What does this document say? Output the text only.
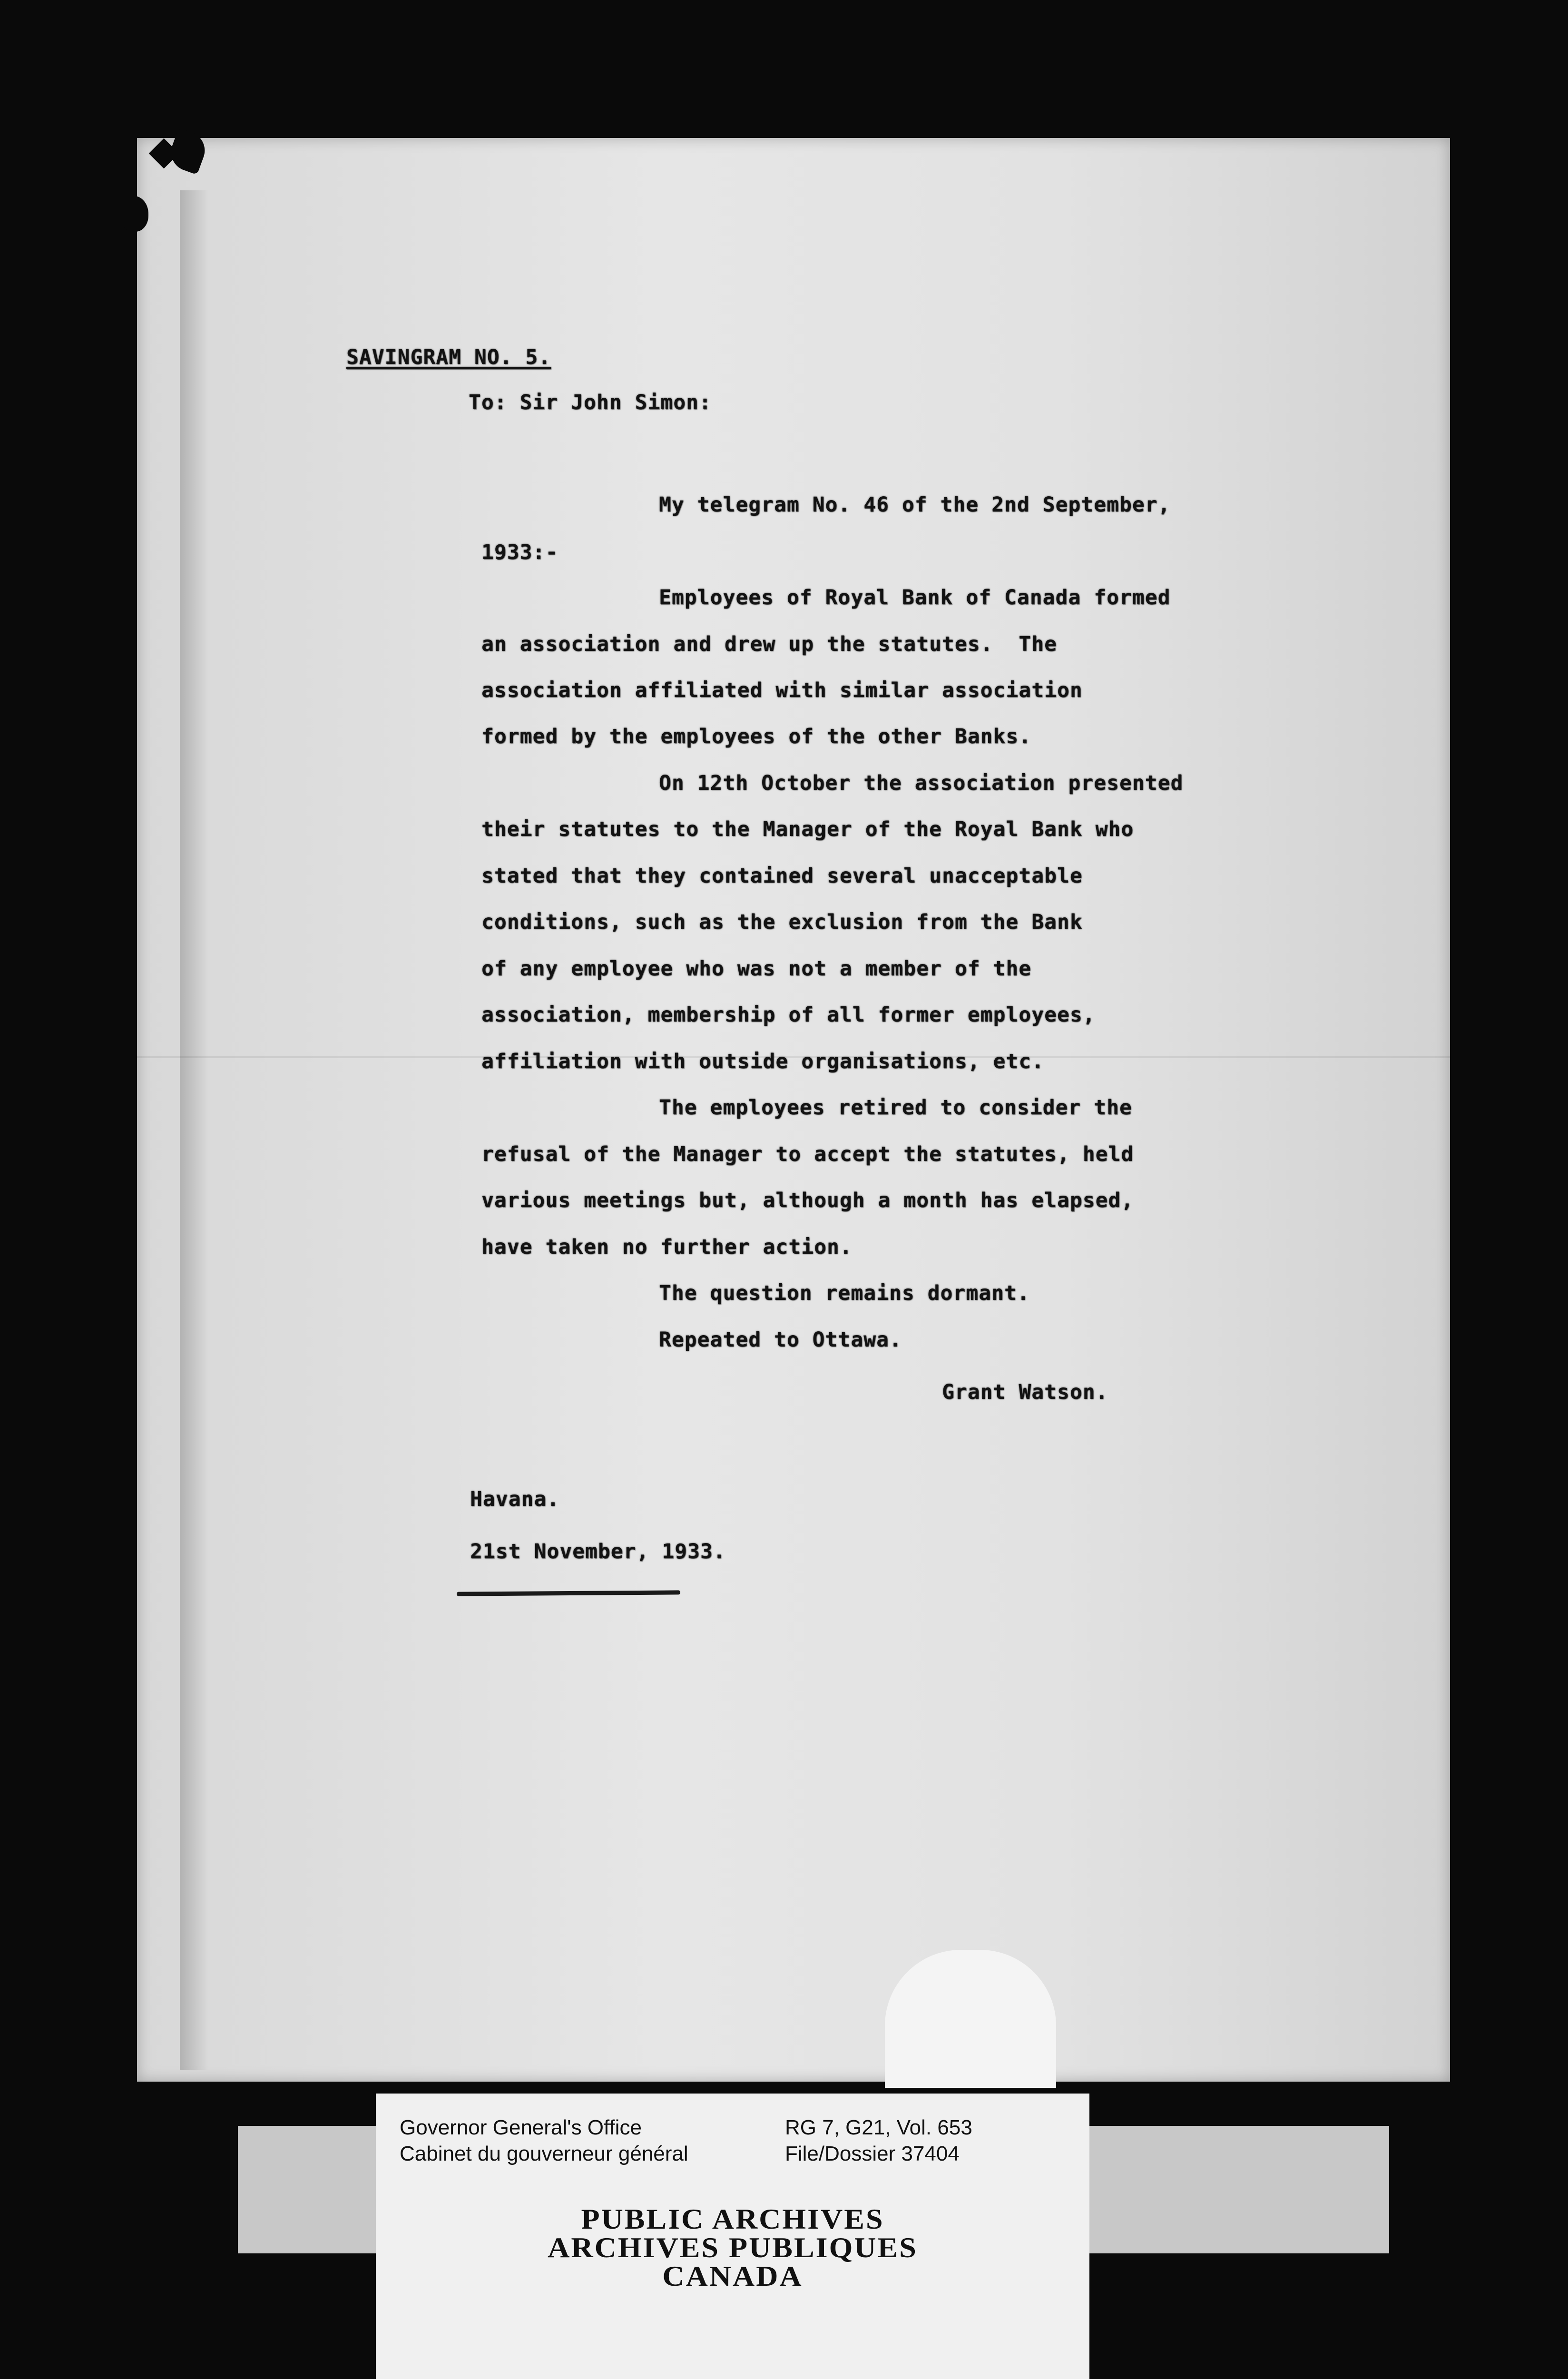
SAVINGRAM NO. 5.

To: Sir John Simon:

My telegram No. 46 of the 2nd September,

1933:-

Employees of Royal Bank of Canada formed

an association and drew up the statutes.  The

association affiliated with similar association

formed by the employees of the other Banks.

On 12th October the association presented

their statutes to the Manager of the Royal Bank who

stated that they contained several unacceptable

conditions, such as the exclusion from the Bank

of any employee who was not a member of the

association, membership of all former employees,

affiliation with outside organisations, etc.

The employees retired to consider the

refusal of the Manager to accept the statutes, held

various meetings but, although a month has elapsed,

have taken no further action.

The question remains dormant.

Repeated to Ottawa.

Grant Watson.

Havana.

21st November, 1933.

Governor General's Office

Cabinet du gouverneur général

RG 7, G21, Vol. 653

File/Dossier 37404

PUBLIC ARCHIVES

ARCHIVES PUBLIQUES

CANADA
